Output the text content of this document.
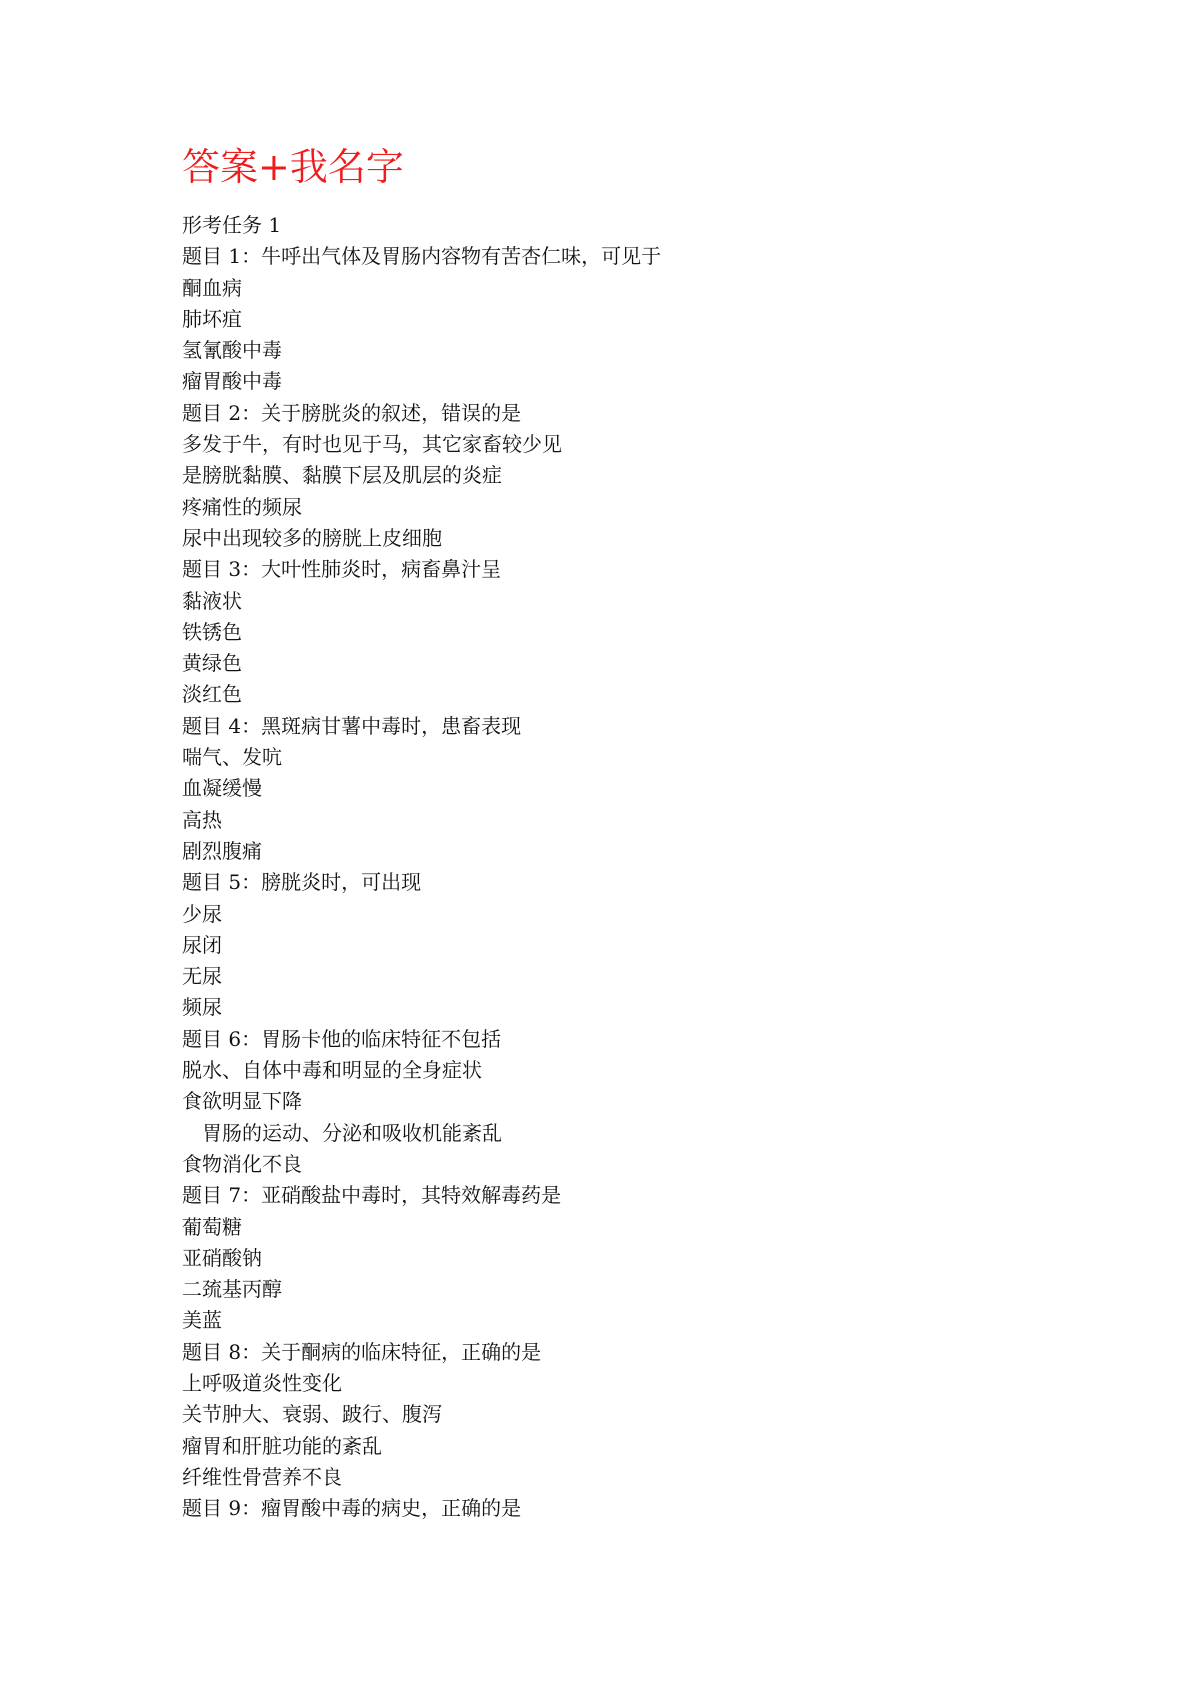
答案+我名字
形考任务 1
题目 1：牛呼出气体及胃肠内容物有苦杏仁味，可见于
酮血病
肺坏疽
氢氰酸中毒
瘤胃酸中毒
题目 2：关于膀胱炎的叙述，错误的是
多发于牛，有时也见于马，其它家畜较少见
是膀胱黏膜、黏膜下层及肌层的炎症
疼痛性的频尿
尿中出现较多的膀胱上皮细胞
题目 3：大叶性肺炎时，病畜鼻汁呈
黏液状
铁锈色
黄绿色
淡红色
题目 4：黑斑病甘薯中毒时，患畜表现
喘气、发吭
血凝缓慢
高热
剧烈腹痛
题目 5：膀胱炎时，可出现
少尿
尿闭
无尿
频尿
题目 6：胃肠卡他的临床特征不包括
脱水、自体中毒和明显的全身症状
食欲明显下降
胃肠的运动、分泌和吸收机能紊乱
食物消化不良
题目 7：亚硝酸盐中毒时，其特效解毒药是
葡萄糖
亚硝酸钠
二巯基丙醇
美蓝
题目 8：关于酮病的临床特征，正确的是
上呼吸道炎性变化
关节肿大、衰弱、跛行、腹泻
瘤胃和肝脏功能的紊乱
纤维性骨营养不良
题目 9：瘤胃酸中毒的病史，正确的是
